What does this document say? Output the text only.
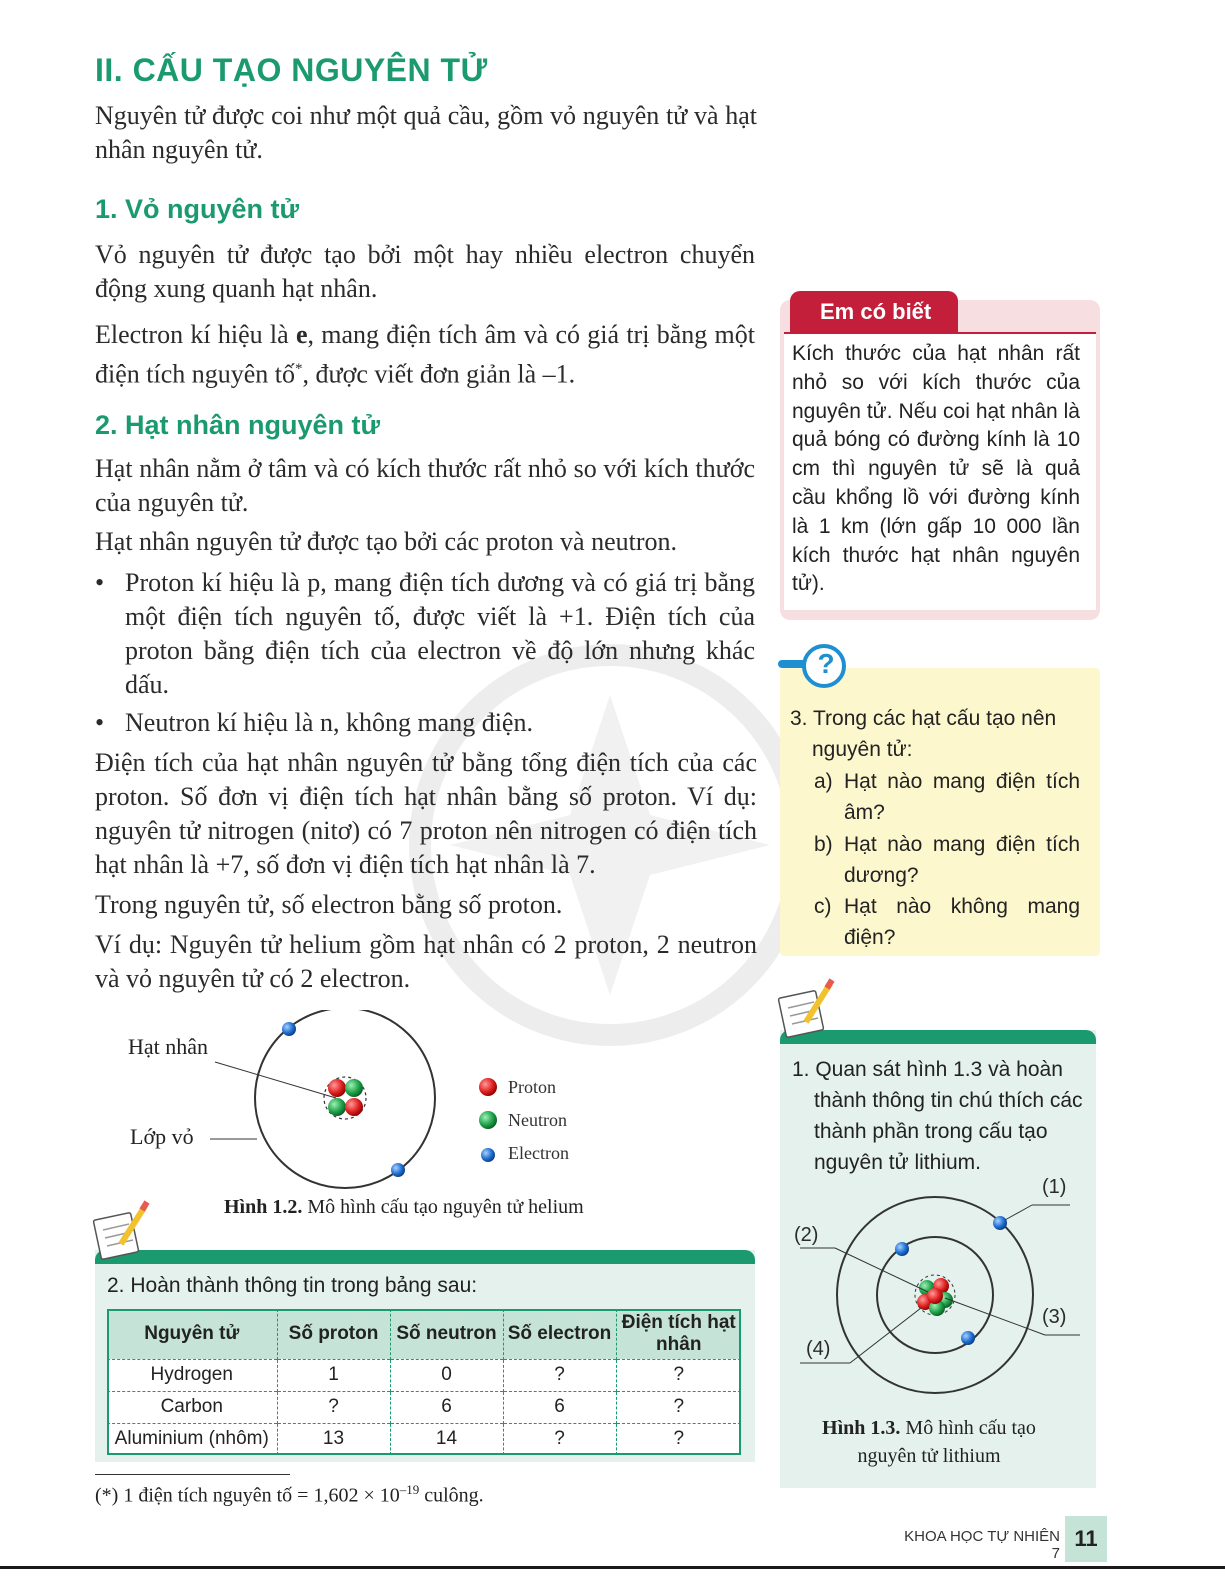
II. CẤU TẠO NGUYÊN TỬ
Nguyên tử được coi như một quả cầu, gồm vỏ nguyên tử và hạt nhân nguyên tử.
1. Vỏ nguyên tử
Vỏ nguyên tử được tạo bởi một hay nhiều electron chuyển động xung quanh hạt nhân.
Electron kí hiệu là e, mang điện tích âm và có giá trị bằng một điện tích nguyên tố*, được viết đơn giản là –1.
2. Hạt nhân nguyên tử
Hạt nhân nằm ở tâm và có kích thước rất nhỏ so với kích thước của nguyên tử.
Hạt nhân nguyên tử được tạo bởi các proton và neutron.
• Proton kí hiệu là p, mang điện tích dương và có giá trị bằng một điện tích nguyên tố, được viết là +1. Điện tích của proton bằng điện tích của electron về độ lớn nhưng khác dấu.
• Neutron kí hiệu là n, không mang điện.
Điện tích của hạt nhân nguyên tử bằng tổng điện tích của các proton. Số đơn vị điện tích hạt nhân bằng số proton. Ví dụ: nguyên tử nitrogen (nitơ) có 7 proton nên nitrogen có điện tích hạt nhân là +7, số đơn vị điện tích hạt nhân là 7.
Trong nguyên tử, số electron bằng số proton.
Ví dụ: Nguyên tử helium gồm hạt nhân có 2 proton, 2 neutron và vỏ nguyên tử có 2 electron.
Hạt nhân
Lớp vỏ
Proton
Neutron
Electron
Hình 1.2. Mô hình cấu tạo nguyên tử helium
Em có biết
Kích thước của hạt nhân rất nhỏ so với kích thước của nguyên tử. Nếu coi hạt nhân là quả bóng có đường kính là 10 cm thì nguyên tử sẽ là quả cầu khổng lồ với đường kính là 1 km (lớn gấp 10 000 lần kích thước hạt nhân nguyên tử).
?
3. Trong các hạt cấu tạo nên nguyên tử:
a) Hạt nào mang điện tích âm?
b) Hạt nào mang điện tích dương?
c) Hạt nào không mang điện?
1. Quan sát hình 1.3 và hoàn thành thông tin chú thích các thành phần trong cấu tạo nguyên tử lithium.
(1)
(2)
(3)
(4)
Hình 1.3. Mô hình cấu tạo nguyên tử lithium
2. Hoàn thành thông tin trong bảng sau:
Nguyên tử	Số proton	Số neutron	Số electron	Điện tích hạt nhân
Hydrogen	1	0	?	?
Carbon	?	6	6	?
Aluminium (nhôm)	13	14	?	?
(*) 1 điện tích nguyên tố = $1,602 \times 10^{-19}$ culông.
KHOA HỌC TỰ NHIÊN 7
11
